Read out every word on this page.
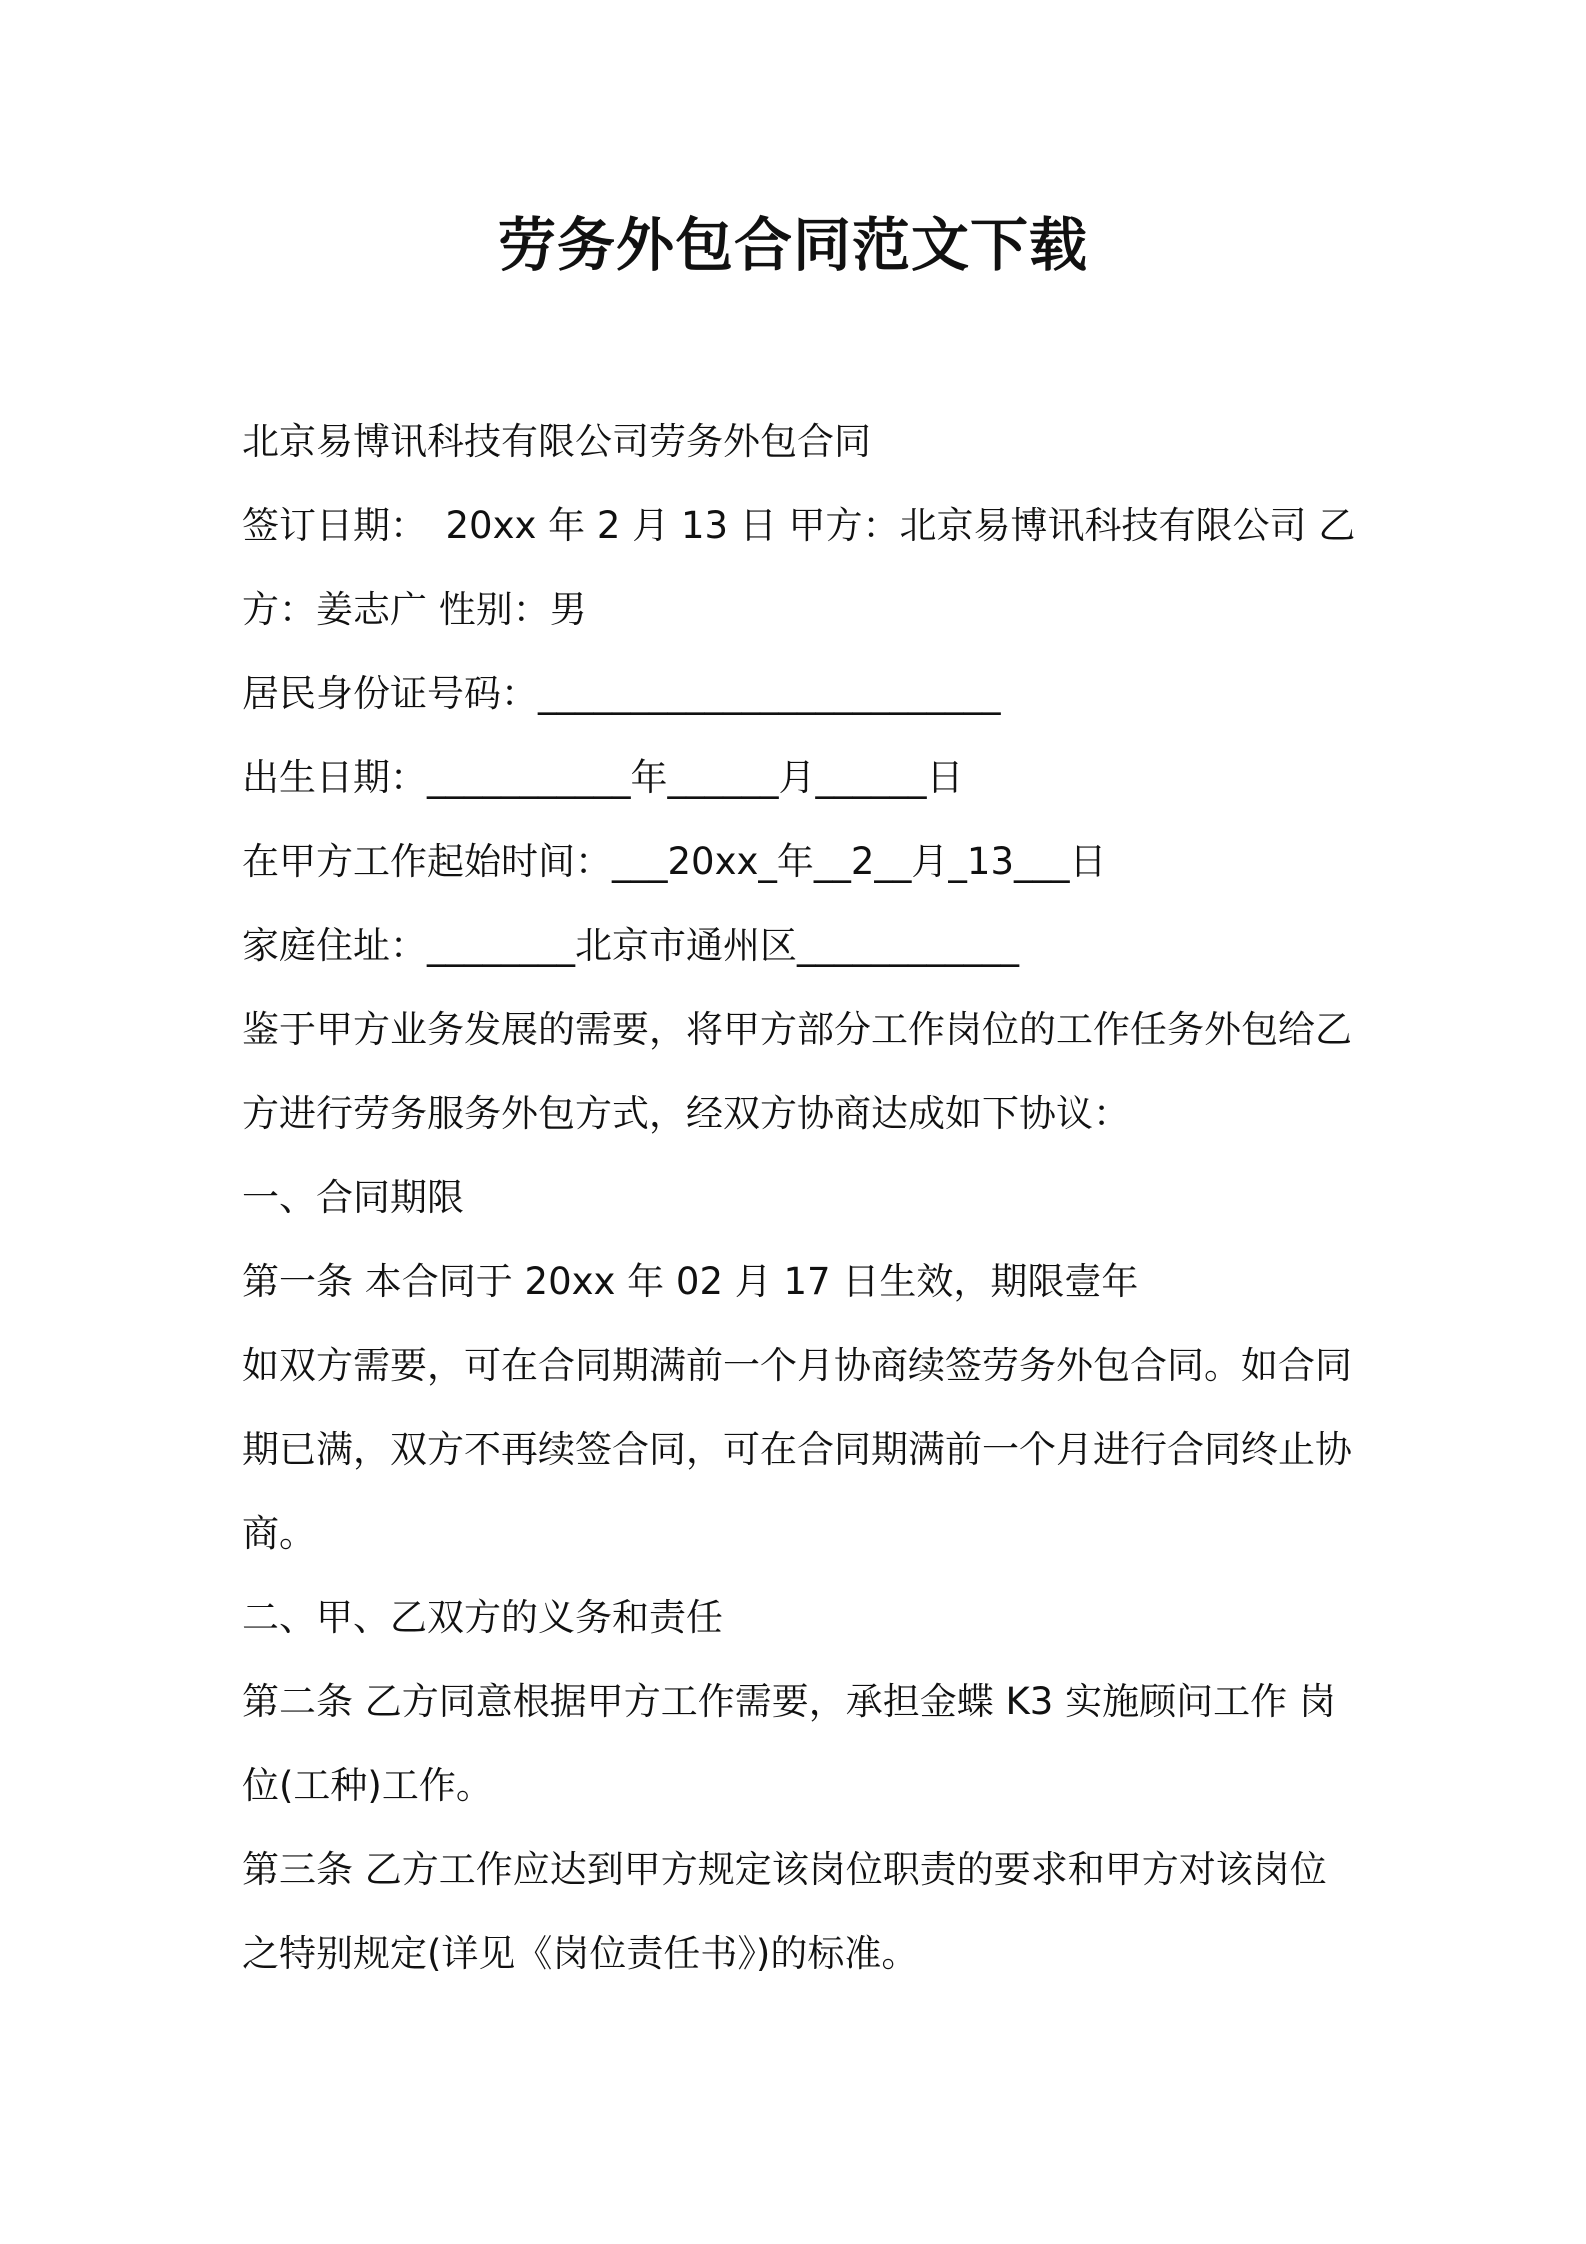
劳务外包合同范文下载

北京易博讯科技有限公司劳务外包合同

签订日期：　20xx 年 2 月 13 日 甲方：北京易博讯科技有限公司 乙

方：姜志广 性别：男

居民身份证号码：_________________________

出生日期：___________年______月______日

在甲方工作起始时间：___20xx_年__2__月_13___日

家庭住址：________北京市通州区____________

鉴于甲方业务发展的需要，将甲方部分工作岗位的工作任务外包给乙

方进行劳务服务外包方式，经双方协商达成如下协议：

一、合同期限

第一条 本合同于 20xx 年 02 月 17 日生效，期限壹年

如双方需要，可在合同期满前一个月协商续签劳务外包合同。如合同

期已满，双方不再续签合同，可在合同期满前一个月进行合同终止协

商。

二、甲、乙双方的义务和责任

第二条 乙方同意根据甲方工作需要，承担金蝶 K3 实施顾问工作 岗

位(工种)工作。

第三条 乙方工作应达到甲方规定该岗位职责的要求和甲方对该岗位

之特别规定(详见《岗位责任书》)的标准。
